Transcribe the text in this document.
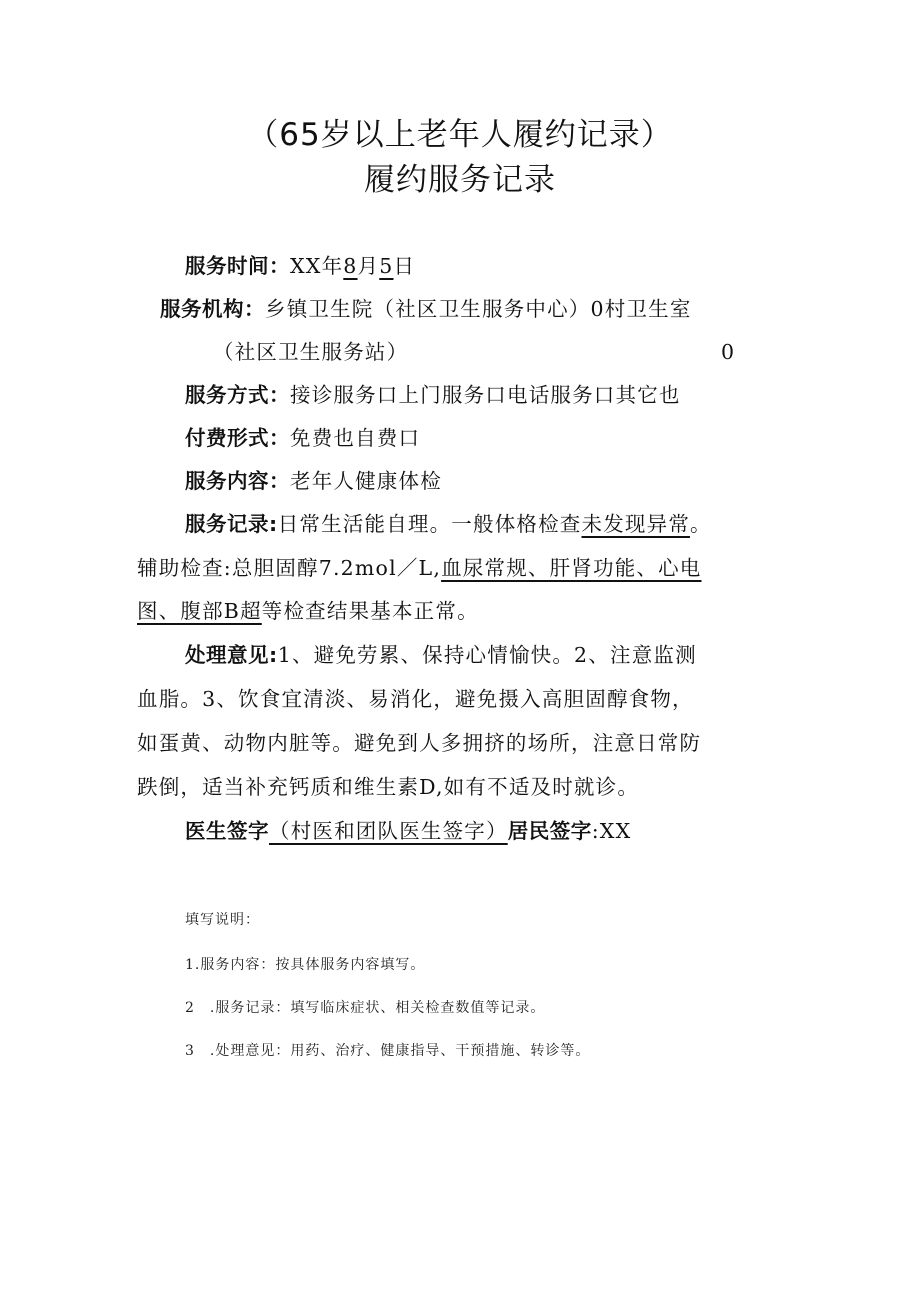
（65岁以上老年人履约记录）
履约服务记录
服务时间：XX年8月5日
服务机构：乡镇卫生院（社区卫生服务中心）0村卫生室
（社区卫生服务站）	0
服务方式：接诊服务口上门服务口电话服务口其它也
付费形式：免费也自费口
服务内容：老年人健康体检
服务记录:日常生活能自理。一般体格检查未发现异常。
辅助检查:总胆固醇7.2mol／L,血尿常规、肝肾功能、心电
图、腹部B超等检查结果基本正常。
处理意见:1、避免劳累、保持心情愉快。2、注意监测
血脂。3、饮食宜清淡、易消化，避免摄入高胆固醇食物，
如蛋黄、动物内脏等。避免到人多拥挤的场所，注意日常防
跌倒，适当补充钙质和维生素D,如有不适及时就诊。
医生签字（村医和团队医生签字）居民签字:XX
填写说明：
1.服务内容：按具体服务内容填写。
2　.服务记录：填写临床症状、相关检查数值等记录。
3　.处理意见：用药、治疗、健康指导、干预措施、转诊等。
